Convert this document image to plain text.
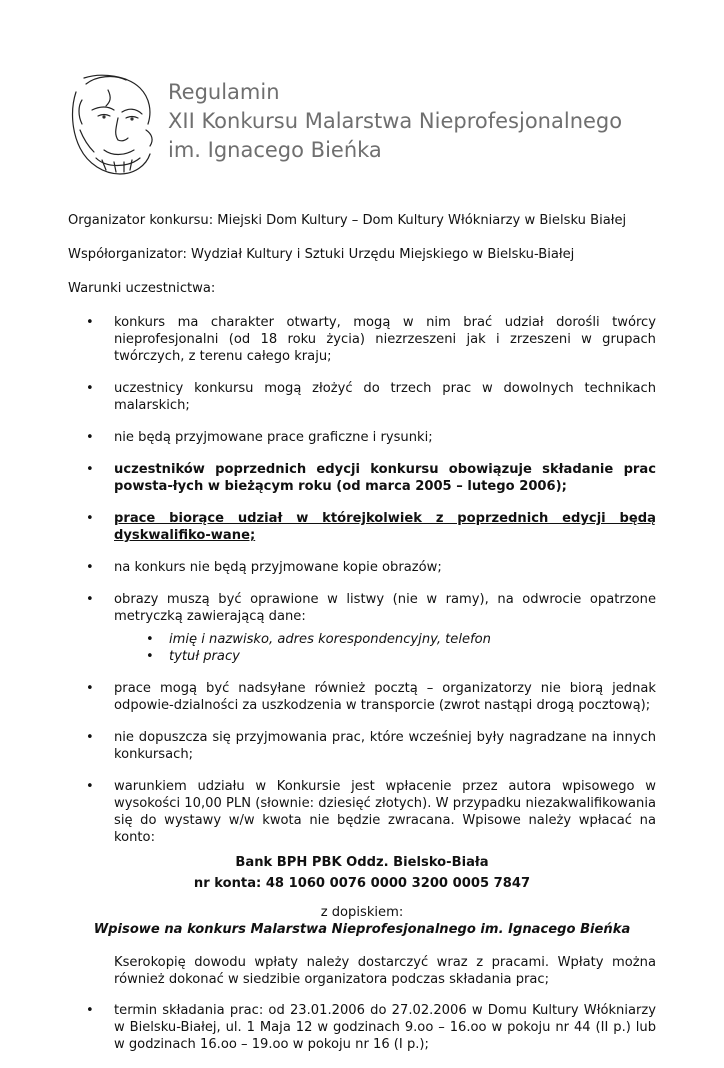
Regulamin
XII Konkursu Malarstwa Nieprofesjonalnego
im. Ignacego Bieńka

Organizator konkursu: Miejski Dom Kultury – Dom Kultury Włókniarzy w Bielsku Białej

Współorganizator: Wydział Kultury i Sztuki Urzędu Miejskiego w Bielsku-Białej

Warunki uczestnictwa:

• konkurs ma charakter otwarty, mogą w nim brać udział dorośli twórcy nieprofesjonalni (od 18 roku życia) niezrzeszeni jak i zrzeszeni w grupach twórczych, z terenu całego kraju;
• uczestnicy konkursu mogą złożyć do trzech prac w dowolnych technikach malarskich;
• nie będą przyjmowane prace graficzne i rysunki;
• uczestników poprzednich edycji konkursu obowiązuje składanie prac powsta-łych w bieżącym roku (od marca 2005 – lutego 2006);
• prace biorące udział w którejkolwiek z poprzednich edycji będą dyskwalifiko-wane;
• na konkurs nie będą przyjmowane kopie obrazów;
• obrazy muszą być oprawione w listwy (nie w ramy), na odwrocie opatrzone metryczką zawierającą dane:
• imię i nazwisko, adres korespondencyjny, telefon
• tytuł pracy
• prace mogą być nadsyłane również pocztą – organizatorzy nie biorą jednak odpowie-dzialności za uszkodzenia w transporcie (zwrot nastąpi drogą pocztową);
• nie dopuszcza się przyjmowania prac, które wcześniej były nagradzane na innych konkursach;
• warunkiem udziału w Konkursie jest wpłacenie przez autora wpisowego w wysokości 10,00 PLN (słownie: dziesięć złotych). W przypadku niezakwalifikowania się do wystawy w/w kwota nie będzie zwracana. Wpisowe należy wpłacać na konto:

Bank BPH PBK Oddz. Bielsko-Biała

nr konta: 48 1060 0076 0000 3200 0005 7847

z dopiskiem:

Wpisowe na konkurs Malarstwa Nieprofesjonalnego im. Ignacego Bieńka

Kserokopię dowodu wpłaty należy dostarczyć wraz z pracami. Wpłaty można również dokonać w siedzibie organizatora podczas składania prac;

• termin składania prac: od 23.01.2006 do 27.02.2006 w Domu Kultury Włókniarzy w Bielsku-Białej, ul. 1 Maja 12 w godzinach 9.oo – 16.oo w pokoju nr 44 (II p.) lub w godzinach 16.oo – 19.oo w pokoju nr 16 (I p.);
